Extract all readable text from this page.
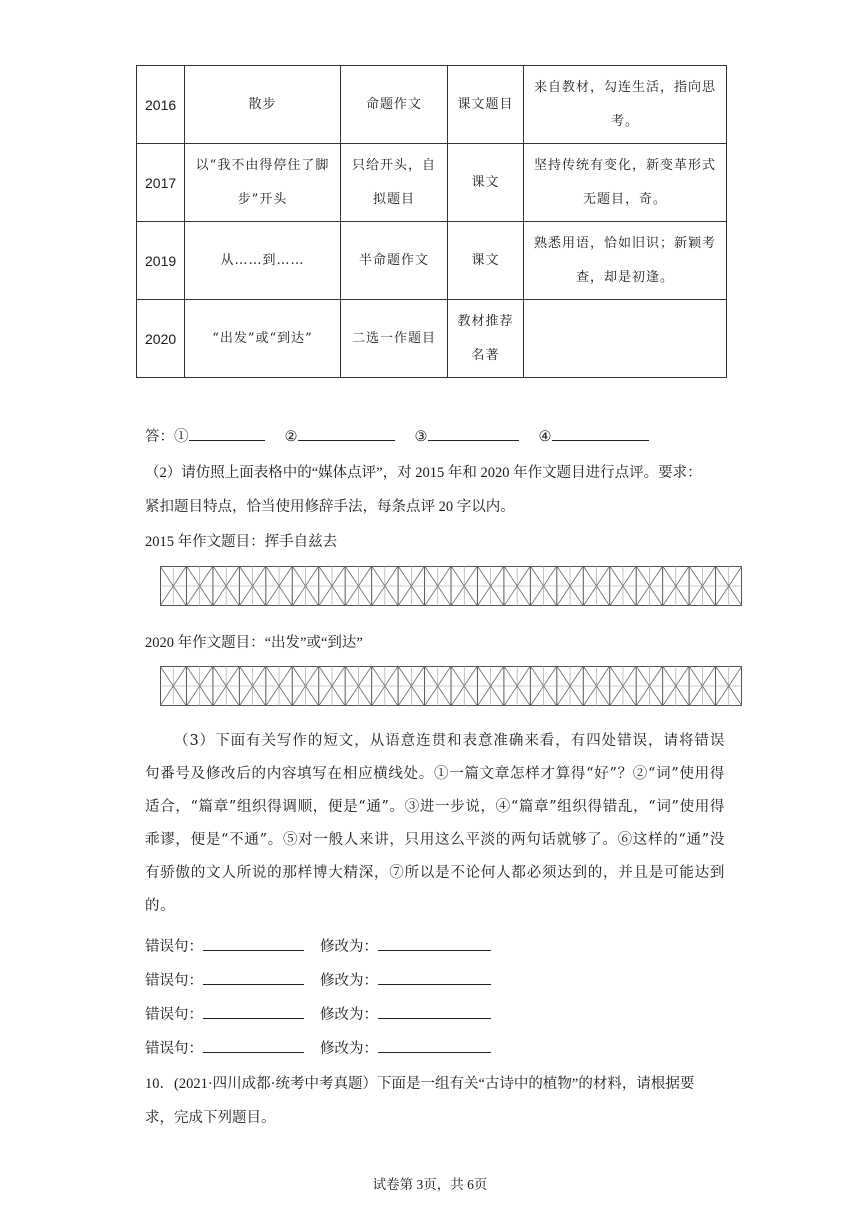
2016	散步	命题作文	课文题目	来自教材，勾连生活，指向思考。
2017	以“我不由得停住了脚步”开头	只给开头，自拟题目	课文	坚持传统有变化，新变革形式无题目，奇。
2019	从……到……	半命题作文	课文	熟悉用语，恰如旧识；新颖考查，却是初逢。
2020	“出发”或“到达”	二选一作题目	教材推荐名著	
答：①	②	③	④
（2）请仿照上面表格中的“媒体点评”，对 2015 年和 2020 年作文题目进行点评。要求：
紧扣题目特点，恰当使用修辞手法，每条点评 20 字以内。
2015 年作文题目：挥手自兹去
2020 年作文题目：“出发”或“到达”
（3）下面有关写作的短文，从语意连贯和表意准确来看，有四处错误，请将错误句番号及修改后的内容填写在相应横线处。①一篇文章怎样才算得“好”？②“词”使用得适合，“篇章”组织得调顺，便是“通”。③进一步说，④“篇章”组织得错乱，“词”使用得乖谬，便是“不通”。⑤对一般人来讲，只用这么平淡的两句话就够了。⑥这样的“通”没有骄傲的文人所说的那样博大精深，⑦所以是不论何人都必须达到的，并且是可能达到的。
错误句：	修改为：
错误句：	修改为：
错误句：	修改为：
错误句：	修改为：
10．(2021·四川成都·统考中考真题）下面是一组有关“古诗中的植物”的材料，请根据要
求，完成下列题目。
试卷第 3页，共 6页
